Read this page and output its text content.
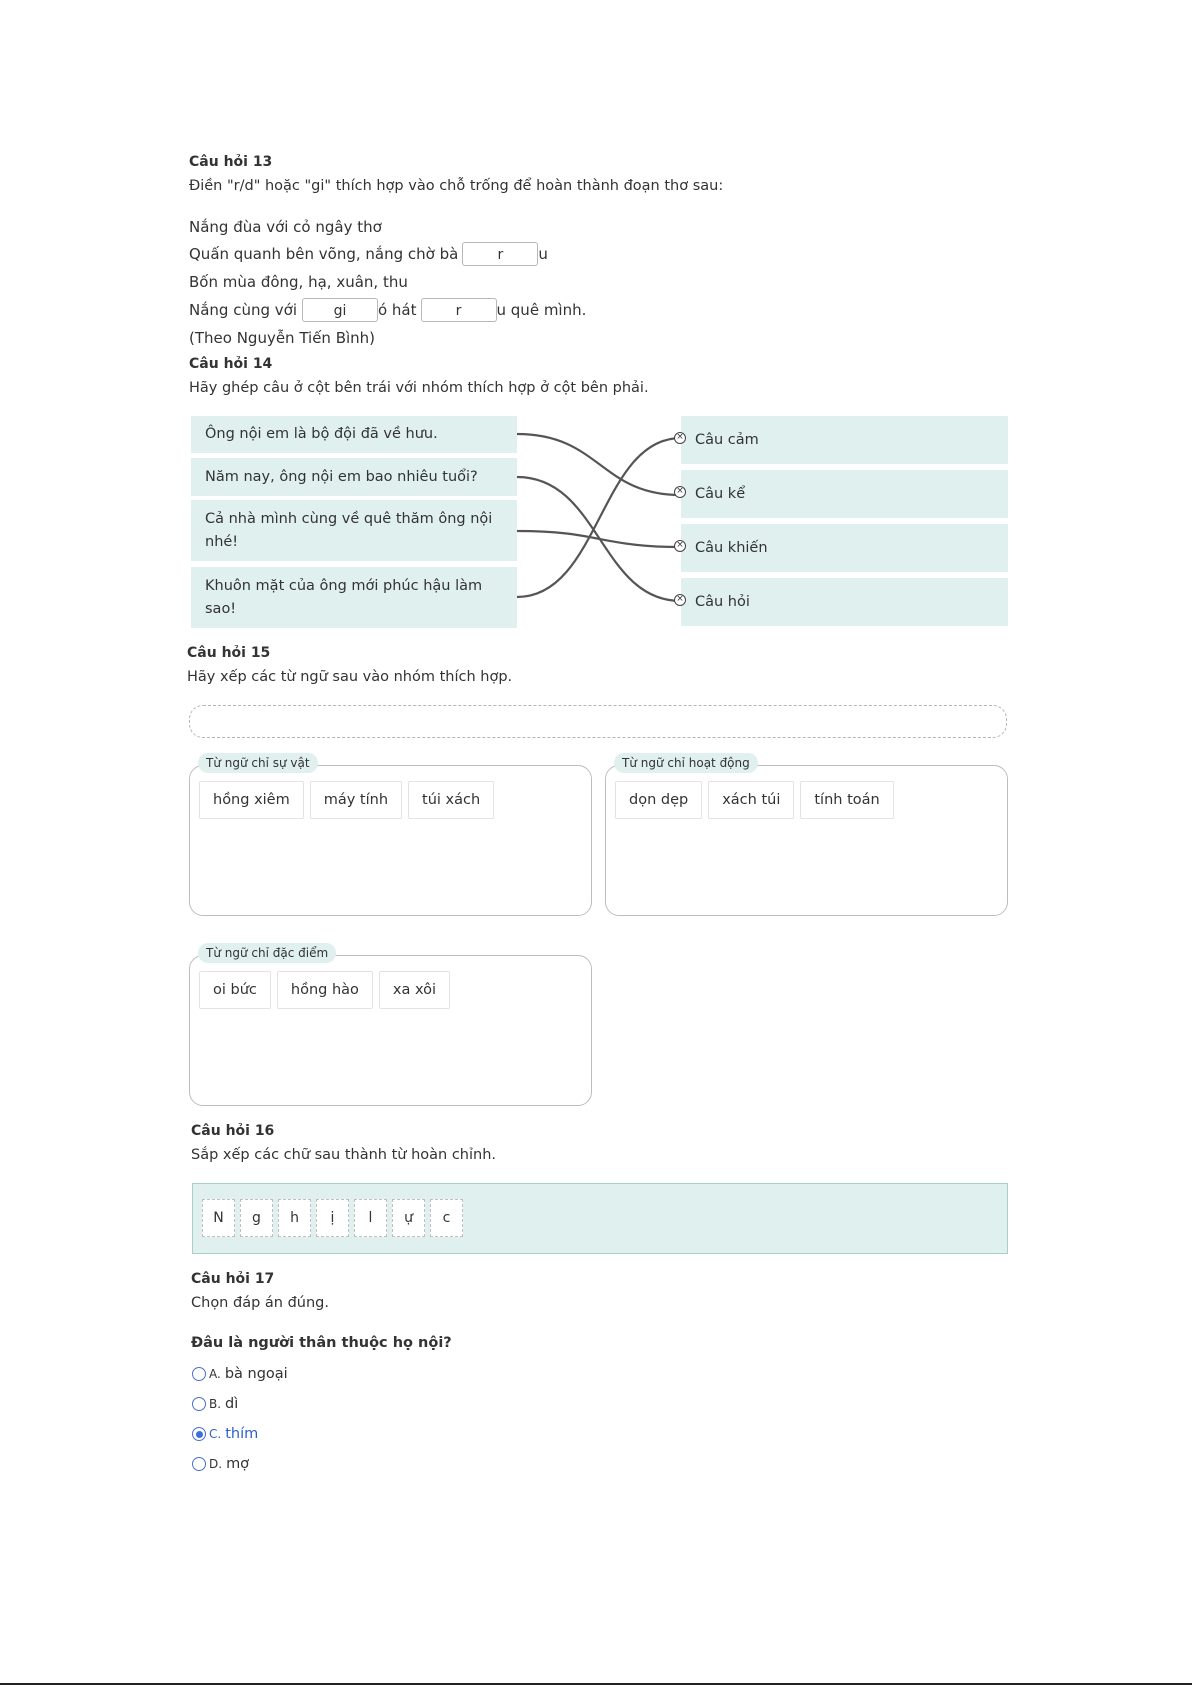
Câu hỏi 13
Điền "r/d" hoặc "gi" thích hợp vào chỗ trống để hoàn thành đoạn thơ sau:
Nắng đùa với cỏ ngây thơ
Quấn quanh bên võng, nắng chờ bà	r	u
Bốn mùa đông, hạ, xuân, thu
Nắng cùng với	gi	ó hát	r	u quê mình.
(Theo Nguyễn Tiến Bình)
Câu hỏi 14
Hãy ghép câu ở cột bên trái với nhóm thích hợp ở cột bên phải.
Ông nội em là bộ đội đã về hưu.
Năm nay, ông nội em bao nhiêu tuổi?
Cả nhà mình cùng về quê thăm ông nội nhé!
Khuôn mặt của ông mới phúc hậu làm sao!
Câu cảm
Câu kể
Câu khiến
Câu hỏi
×
×
×
×
Câu hỏi 15
Hãy xếp các từ ngữ sau vào nhóm thích hợp.
Từ ngữ chỉ sự vật
hồng xiêm	máy tính	túi xách
Từ ngữ chỉ hoạt động
dọn dẹp	xách túi	tính toán
Từ ngữ chỉ đặc điểm
oi bức	hồng hào	xa xôi
Câu hỏi 16
Sắp xếp các chữ sau thành từ hoàn chỉnh.
N	g	h	ị	l	ự	c
Câu hỏi 17
Chọn đáp án đúng.
Đâu là người thân thuộc họ nội?
A. bà ngoại
B. dì
C. thím
D. mợ
